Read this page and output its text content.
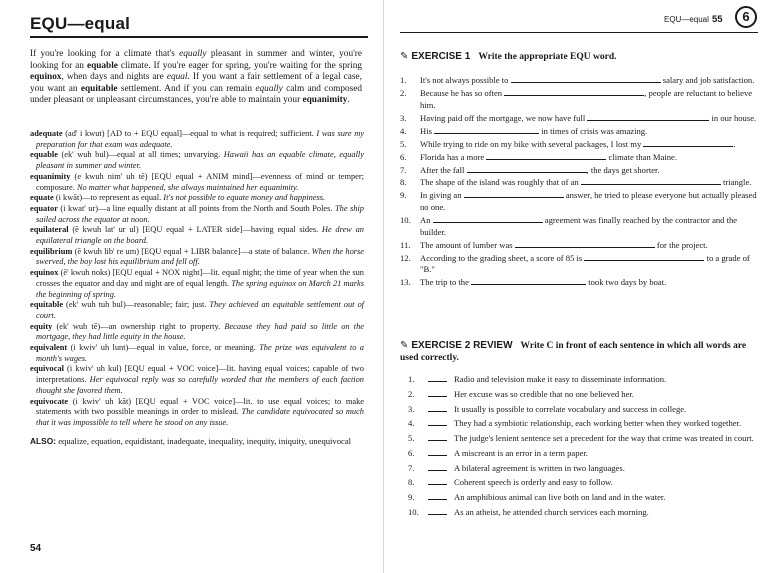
EQU—equal
If you're looking for a climate that's equally pleasant in summer and winter, you're looking for an equable climate. If you're eager for spring, you're waiting for the spring equinox, when days and nights are equal. If you want a fair settlement of a legal case, you want an equitable settlement. And if you can remain equally calm and composed under pleasant or unpleasant circumstances, you're able to maintain your equanimity.
adequate (ad' i kwut) [AD to + EQU equal]—equal to what is required; sufficient. I was sure my preparation for that exam was adequate.
equable (ek' wuh bul)—equal at all times; unvarying. Hawaii has an equable climate, equally pleasant in summer and winter.
equanimity (e kwuh nim' uh tē) [EQU equal + ANIM mind]—evenness of mind or temper; composure. No matter what happened, she always maintained her equanimity.
equate (i kwāt)—to represent as equal. It's not possible to equate money and happiness.
equator (i kwat' ur)—a line equally distant at all points from the North and South Poles. The ship sailed across the equator at noon.
equilateral (ē kwuh lat' ur ul) [EQU equal + LATER side]—having equal sides. He drew an equilateral triangle on the board.
equilibrium (ē kwuh lib' re um) [EQU equal + LIBR balance]—a state of balance. When the horse swerved, the boy lost his equilibrium and fell off.
equinox (ē' kwuh noks) [EQU equal + NOX night]—lit. equal night; the time of year when the sun crosses the equator and day and night are of equal length. The spring equinox on March 21 marks the beginning of spring.
equitable (ek' wuh tuh bul)—reasonable; fair; just. They achieved an equitable settlement out of court.
equity (ek' wuh tē)—an ownership right to property. Because they had paid so little on the mortgage, they had little equity in the house.
equivalent (i kwiv' uh lunt)—equal in value, force, or meaning. The prize was equivalent to a month's wages.
equivocal (i kwiv' uh kul) [EQU equal + VOC voice]—lit. having equal voices; capable of two interpretations. Her equivocal reply was so carefully worded that the members of each faction thought she favored them.
equivocate (i kwiv' uh kāt) [EQU equal + VOC voice]—lit. to use equal voices; to make statements with two possible meanings in order to mislead. The candidate equivocated so much that it was impossible to tell where he stood on any issue.
ALSO: equalize, equation, equidistant, inadequate, inequality, inequity, iniquity, unequivocal
54
EQU—equal 55	6
✎ EXERCISE 1 Write the appropriate EQU word.
1.	It's not always possible to	salary and job satisfaction.
2.	Because he has so often	, people are reluctant to believe him.
3.	Having paid off the mortgage, we now have full	in our house.
4.	His	in times of crisis was amazing.
5.	While trying to ride on my bike with several packages, I lost my	.
6.	Florida has a more	climate than Maine.
7.	After the fall	, the days get shorter.
8.	The shape of the island was roughly that of an	triangle.
9.	In giving an	answer, he tried to please everyone but actually pleased no one.
10.	An	agreement was finally reached by the contractor and the builder.
11.	The amount of lumber was	for the project.
12.	According to the grading sheet, a score of 85 is	to a grade of "B."
13.	The trip to the	took two days by boat.
✎ EXERCISE 2 REVIEW Write C in front of each sentence in which all words are used correctly.
1.	Radio and television make it easy to disseminate information.
2.	Her excuse was so credible that no one believed her.
3.	It usually is possible to correlate vocabulary and success in college.
4.	They had a symbiotic relationship, each working better when they worked together.
5.	The judge's lenient sentence set a precedent for the way that crime was treated in court.
6.	A miscreant is an error in a term paper.
7.	A bilateral agreement is written in two languages.
8.	Coherent speech is orderly and easy to follow.
9.	An amphibious animal can live both on land and in the water.
10.	As an atheist, he attended church services each morning.
